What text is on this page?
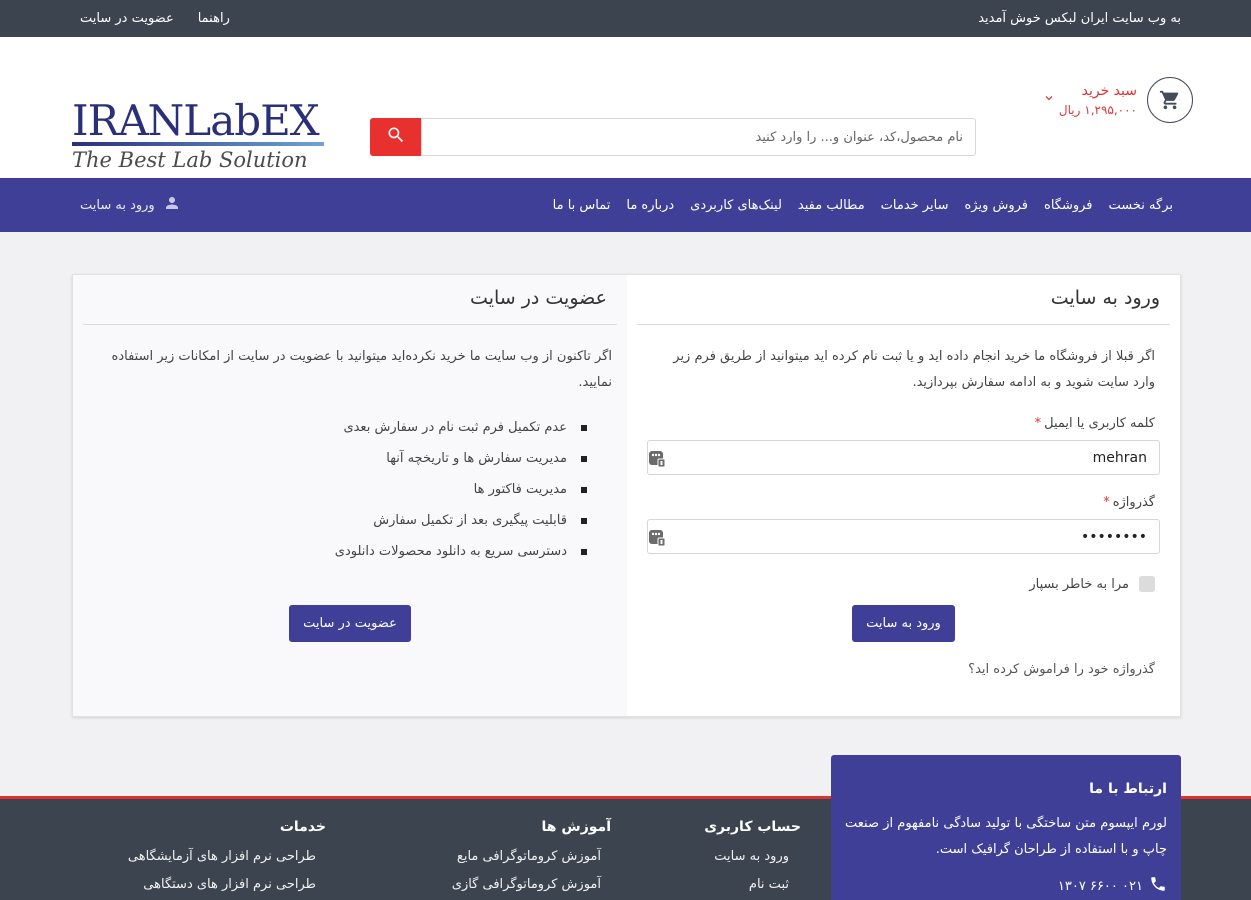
به وب سایت ایران لبکس خوش آمدید
راهنما
عضویت در سایت
سبد خرید
۱,۲۹۵,۰۰۰ ریال
نام محصول،کد، عنوان و... را وارد کنید
IRANLabEX
The Best Lab Solution
برگه نخست
فروشگاه
فروش ویژه
سایر خدمات
مطالب مفید
لینک‌های کاربردی
درباره ما
تماس با ما
ورود به سایت
ورود به سایت
اگر قبلا از فروشگاه ما خرید انجام داده اید و یا ثبت نام کرده اید میتوانید از طریق فرم زیر وارد سایت شوید و به ادامه سفارش بپردازید.
کلمه کاربری یا ایمیل*
mehran
گذرواژه*
••••••••
مرا به خاطر بسپار
ورود به سایت
گذرواژه خود را فراموش کرده اید؟
عضویت در سایت
اگر تاکنون از وب سایت ما خرید نکرده‌اید میتوانید با عضویت در سایت از امکانات زیر استفاده نمایید.
عدم تکمیل فرم ثبت نام در سفارش بعدی
مدیریت سفارش ها و تاریخچه آنها
مدیریت فاکتور ها
قابلیت پیگیری بعد از تکمیل سفارش
دسترسی سریع به دانلود محصولات دانلودی
عضویت در سایت
حساب کاربری
ورود به سایت
ثبت نام
آموزش ها
آموزش کروماتوگرافی مایع
آموزش کروماتوگرافی گازی
خدمات
طراحی نرم افزار های آزمایشگاهی
طراحی نرم افزار های دستگاهی
ارتباط با ما
لورم ایپسوم متن ساختگی با تولید سادگی نامفهوم از صنعت چاپ و با استفاده از طراحان گرافیک است.
۰۲۱ ۶۶۰۰ ۱۳۰۷
